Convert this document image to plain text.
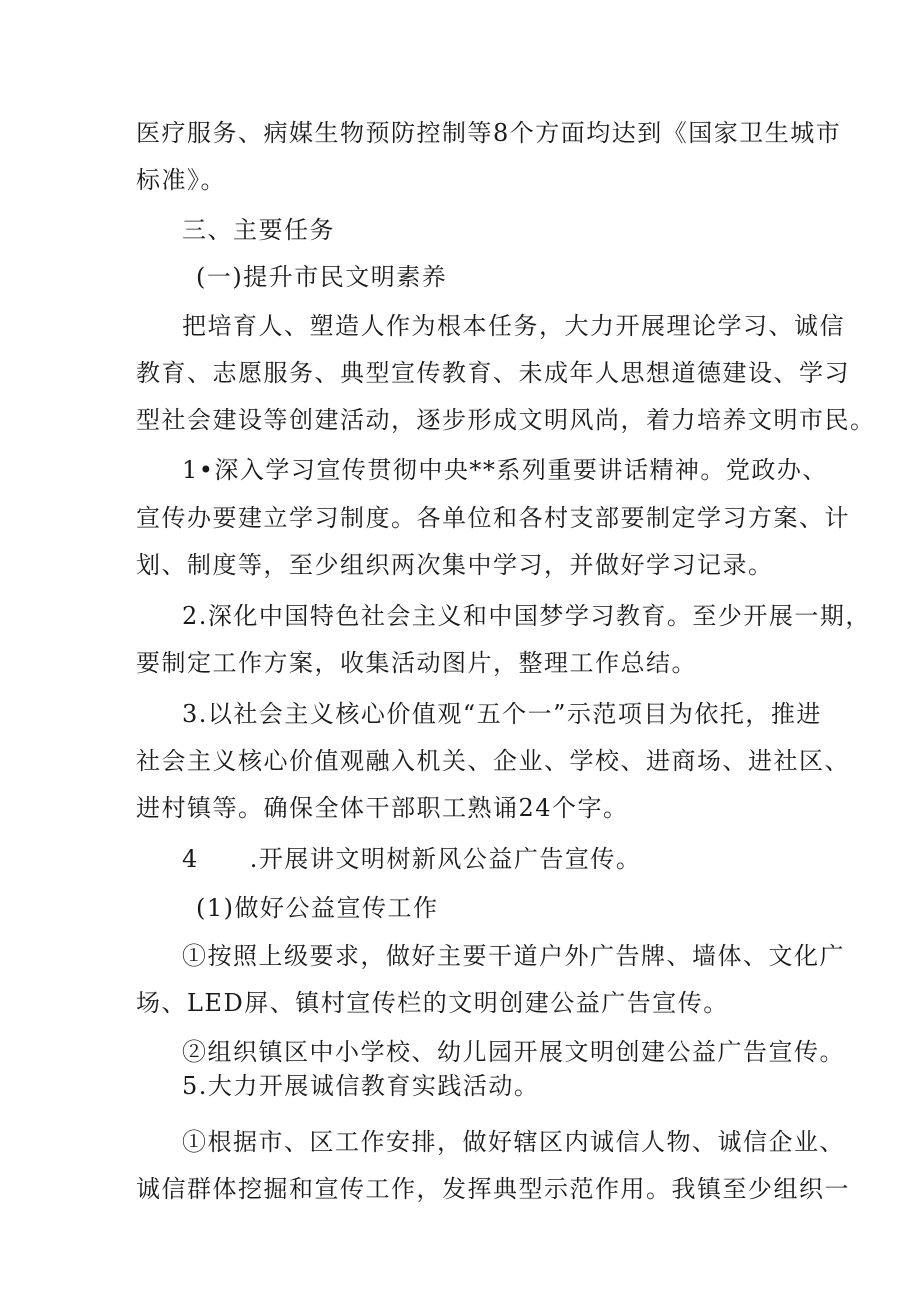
医疗服务、病媒生物预防控制等8个方面均达到《国家卫生城市
标准》。
三、主要任务
(一)提升市民文明素养
把培育人、塑造人作为根本任务，大力开展理论学习、诚信
教育、志愿服务、典型宣传教育、未成年人思想道德建设、学习
型社会建设等创建活动，逐步形成文明风尚，着力培养文明市民。
1•深入学习宣传贯彻中央**系列重要讲话精神。党政办、
宣传办要建立学习制度。各单位和各村支部要制定学习方案、计
划、制度等，至少组织两次集中学习，并做好学习记录。
2.深化中国特色社会主义和中国梦学习教育。至少开展一期，
要制定工作方案，收集活动图片，整理工作总结。
3.以社会主义核心价值观“五个一”示范项目为依托，推进
社会主义核心价值观融入机关、企业、学校、进商场、进社区、
进村镇等。确保全体干部职工熟诵24个字。
4　　.开展讲文明树新风公益广告宣传。
(1)做好公益宣传工作
①按照上级要求，做好主要干道户外广告牌、墙体、文化广
场、LED屏、镇村宣传栏的文明创建公益广告宣传。
②组织镇区中小学校、幼儿园开展文明创建公益广告宣传。
5.大力开展诚信教育实践活动。
①根据市、区工作安排，做好辖区内诚信人物、诚信企业、
诚信群体挖掘和宣传工作，发挥典型示范作用。我镇至少组织一
